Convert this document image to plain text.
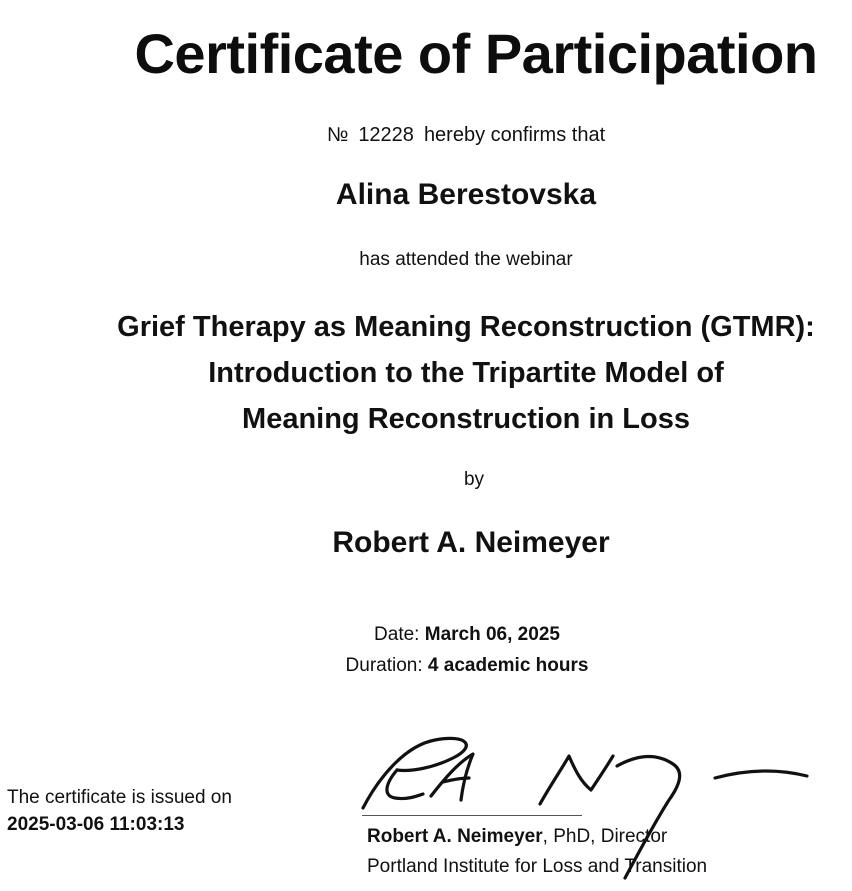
Certificate of Participation
№ 12228 hereby confirms that
Alina Berestovska
has attended the webinar
Grief Therapy as Meaning Reconstruction (GTMR):
Introduction to the Tripartite Model of
Meaning Reconstruction in Loss
by
Robert A. Neimeyer
Date: March 06, 2025
Duration: 4 academic hours
The certificate is issued on
2025-03-06 11:03:13
Robert A. Neimeyer, PhD, Director
Portland Institute for Loss and Transition
